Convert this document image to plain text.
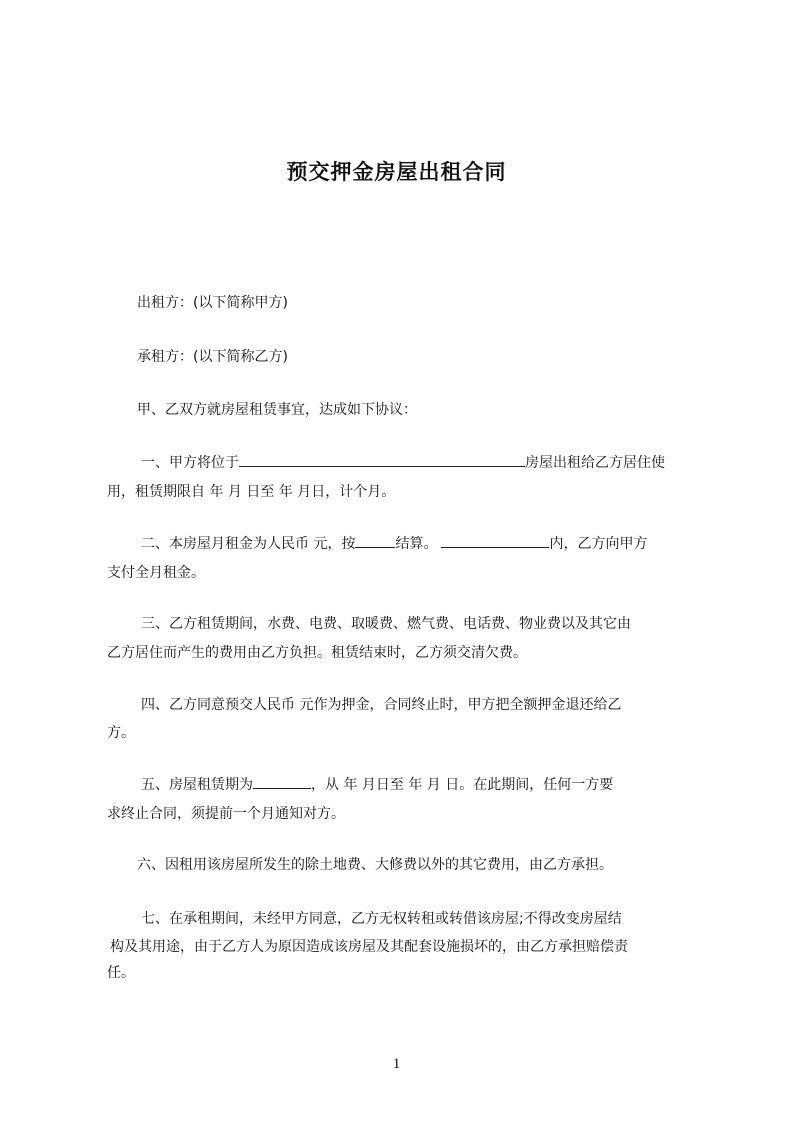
预交押金房屋出租合同

出租方：(以下简称甲方)

承租方：(以下简称乙方)

甲、乙双方就房屋租赁事宜，达成如下协议：

一、甲方将位于	房屋出租给乙方居住使

用，租赁期限自 年 月 日至 年 月日，计个月。

二、本房屋月租金为人民币 元，按	结算。	内，乙方向甲方

支付全月租金。

三、乙方租赁期间，水费、电费、取暖费、燃气费、电话费、物业费以及其它由

乙方居住而产生的费用由乙方负担。租赁结束时，乙方须交清欠费。

四、乙方同意预交人民币 元作为押金，合同终止时，甲方把全额押金退还给乙

方。

五、房屋租赁期为	，从 年 月日至 年 月 日。在此期间，任何一方要

求终止合同，须提前一个月通知对方。

六、因租用该房屋所发生的除土地费、大修费以外的其它费用，由乙方承担。

七、在承租期间，未经甲方同意，乙方无权转租或转借该房屋;不得改变房屋结

构及其用途，由于乙方人为原因造成该房屋及其配套设施损坏的，由乙方承担赔偿责

任。

1
